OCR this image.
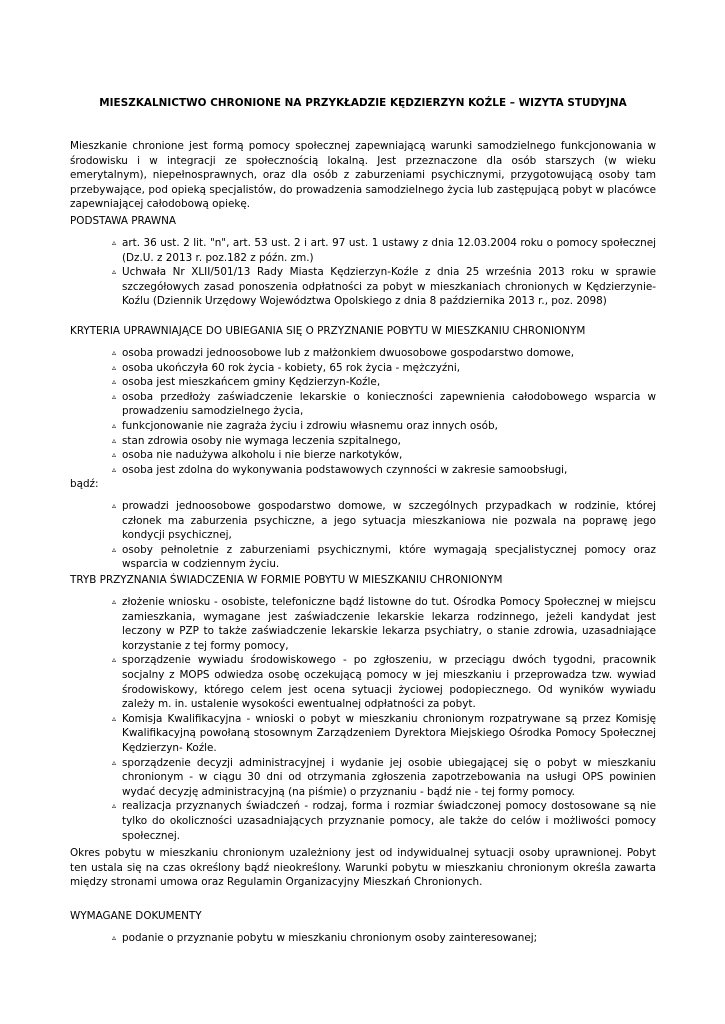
MIESZKALNICTWO CHRONIONE NA PRZYKŁADZIE KĘDZIERZYN KOŹLE – WIZYTA STUDYJNA
Mieszkanie chronione jest formą pomocy społecznej zapewniającą warunki samodzielnego funkcjonowania w środowisku i w integracji ze społecznością lokalną. Jest przeznaczone dla osób starszych (w wieku emerytalnym), niepełnosprawnych, oraz dla osób z zaburzeniami psychicznymi, przygotowującą osoby tam przebywające, pod opieką specjalistów, do prowadzenia samodzielnego życia lub zastępującą pobyt w placówce zapewniającej całodobową opiekę.
PODSTAWA PRAWNA
▵ art. 36 ust. 2 lit. "n", art. 53 ust. 2 i art. 97 ust. 1 ustawy z dnia 12.03.2004 roku o pomocy społecznej (Dz.U. z 2013 r. poz.182 z późn. zm.)
▵ Uchwała Nr XLII/501/13 Rady Miasta Kędzierzyn-Koźle z dnia 25 września 2013 roku w sprawie szczegółowych zasad ponoszenia odpłatności za pobyt w mieszkaniach chronionych w Kędzierzynie-Koźlu (Dziennik Urzędowy Województwa Opolskiego z dnia 8 października 2013 r., poz. 2098)
KRYTERIA UPRAWNIAJĄCE DO UBIEGANIA SIĘ O PRZYZNANIE POBYTU W MIESZKANIU CHRONIONYM
▵ osoba prowadzi jednoosobowe lub z małżonkiem dwuosobowe gospodarstwo domowe,
▵ osoba ukończyła 60 rok życia - kobiety, 65 rok życia - mężczyźni,
▵ osoba jest mieszkańcem gminy Kędzierzyn-Koźle,
▵ osoba przedłoży zaświadczenie lekarskie o konieczności zapewnienia całodobowego wsparcia w prowadzeniu samodzielnego życia,
▵ funkcjonowanie nie zagraża życiu i zdrowiu własnemu oraz innych osób,
▵ stan zdrowia osoby nie wymaga leczenia szpitalnego,
▵ osoba nie nadużywa alkoholu i nie bierze narkotyków,
▵ osoba jest zdolna do wykonywania podstawowych czynności w zakresie samoobsługi,
bądź:
▵ prowadzi jednoosobowe gospodarstwo domowe, w szczególnych przypadkach w rodzinie, której członek ma zaburzenia psychiczne, a jego sytuacja mieszkaniowa nie pozwala na poprawę jego kondycji psychicznej,
▵ osoby pełnoletnie z zaburzeniami psychicznymi, które wymagają specjalistycznej pomocy oraz wsparcia w codziennym życiu.
TRYB PRZYZNANIA ŚWIADCZENIA W FORMIE POBYTU W MIESZKANIU CHRONIONYM
▵ złożenie wniosku - osobiste, telefoniczne bądź listowne do tut. Ośrodka Pomocy Społecznej w miejscu zamieszkania, wymagane jest zaświadczenie lekarskie lekarza rodzinnego, jeżeli kandydat jest leczony w PZP to także zaświadczenie lekarskie lekarza psychiatry, o stanie zdrowia, uzasadniające korzystanie z tej formy pomocy,
▵ sporządzenie wywiadu środowiskowego - po zgłoszeniu, w przeciągu dwóch tygodni, pracownik socjalny z MOPS odwiedza osobę oczekującą pomocy w jej mieszkaniu i przeprowadza tzw. wywiad środowiskowy, którego celem jest ocena sytuacji życiowej podopiecznego. Od wyników wywiadu zależy m. in. ustalenie wysokości ewentualnej odpłatności za pobyt.
▵ Komisja Kwalifikacyjna - wnioski o pobyt w mieszkaniu chronionym rozpatrywane są przez Komisję Kwalifikacyjną powołaną stosownym Zarządzeniem Dyrektora Miejskiego Ośrodka Pomocy Społecznej Kędzierzyn- Koźle.
▵ sporządzenie decyzji administracyjnej i wydanie jej osobie ubiegającej się o pobyt w mieszkaniu chronionym - w ciągu 30 dni od otrzymania zgłoszenia zapotrzebowania na usługi OPS powinien wydać decyzję administracyjną (na piśmie) o przyznaniu - bądź nie - tej formy pomocy.
▵ realizacja przyznanych świadczeń - rodzaj, forma i rozmiar świadczonej pomocy dostosowane są nie tylko do okoliczności uzasadniających przyznanie pomocy, ale także do celów i możliwości pomocy społecznej.
Okres pobytu w mieszkaniu chronionym uzależniony jest od indywidualnej sytuacji osoby uprawnionej. Pobyt ten ustala się na czas określony bądź nieokreślony. Warunki pobytu w mieszkaniu chronionym określa zawarta między stronami umowa oraz Regulamin Organizacyjny Mieszkań Chronionych.
WYMAGANE DOKUMENTY
▵ podanie o przyznanie pobytu w mieszkaniu chronionym osoby zainteresowanej;
